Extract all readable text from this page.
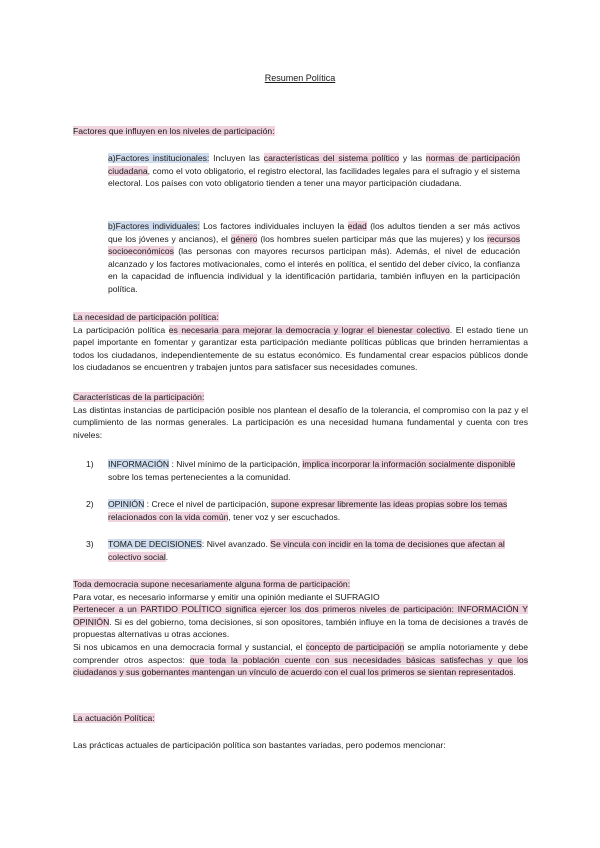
Resumen Política
Factores que influyen en los niveles de participación:

a)Factores institucionales: Incluyen las características del sistema político y las normas de participación ciudadana, como el voto obligatorio, el registro electoral, las facilidades legales para el sufragio y el sistema electoral. Los países con voto obligatorio tienden a tener una mayor participación ciudadana.

b)Factores individuales: Los factores individuales incluyen la edad (los adultos tienden a ser más activos que los jóvenes y ancianos), el género (los hombres suelen participar más que las mujeres) y los recursos socioeconómicos (las personas con mayores recursos participan más). Además, el nivel de educación alcanzado y los factores motivacionales, como el interés en política, el sentido del deber cívico, la confianza en la capacidad de influencia individual y la identificación partidaria, también influyen en la participación política.

La necesidad de participación política:

La participación política es necesaria para mejorar la democracia y lograr el bienestar colectivo. El estado tiene un papel importante en fomentar y garantizar esta participación mediante políticas públicas que brinden herramientas a todos los ciudadanos, independientemente de su estatus económico. Es fundamental crear espacios públicos donde los ciudadanos se encuentren y trabajen juntos para satisfacer sus necesidades comunes.

Características de la participación:

Las distintas instancias de participación posible nos plantean el desafío de la tolerancia, el compromiso con la paz y el cumplimiento de las normas generales. La participación es una necesidad humana fundamental y cuenta con tres niveles:

1) INFORMACIÓN : Nivel mínimo de la participación, implica incorporar la información socialmente disponible sobre los temas pertenecientes a la comunidad.
2) OPINIÓN : Crece el nivel de participación, supone expresar libremente las ideas propias sobre los temas relacionados con la vida común, tener voz y ser escuchados.
3) TOMA DE DECISIONES: Nivel avanzado. Se vincula con incidir en la toma de decisiones que afectan al colectivo social.

Toda democracia supone necesariamente alguna forma de participación:

Para votar, es necesario informarse y emitir una opinión mediante el SUFRAGIO

Pertenecer a un PARTIDO POLÍTICO significa ejercer los dos primeros niveles de participación: INFORMACIÓN Y OPINIÓN. Si es del gobierno, toma decisiones, si son opositores, también influye en la toma de decisiones a través de propuestas alternativas u otras acciones.

Si nos ubicamos en una democracia formal y sustancial, el concepto de participación se amplía notoriamente y debe comprender otros aspectos: que toda la población cuente con sus necesidades básicas satisfechas y que los ciudadanos y sus gobernantes mantengan un vínculo de acuerdo con el cual los primeros se sientan representados.

La actuación Política:
Las prácticas actuales de participación política son bastantes variadas, pero podemos mencionar:
